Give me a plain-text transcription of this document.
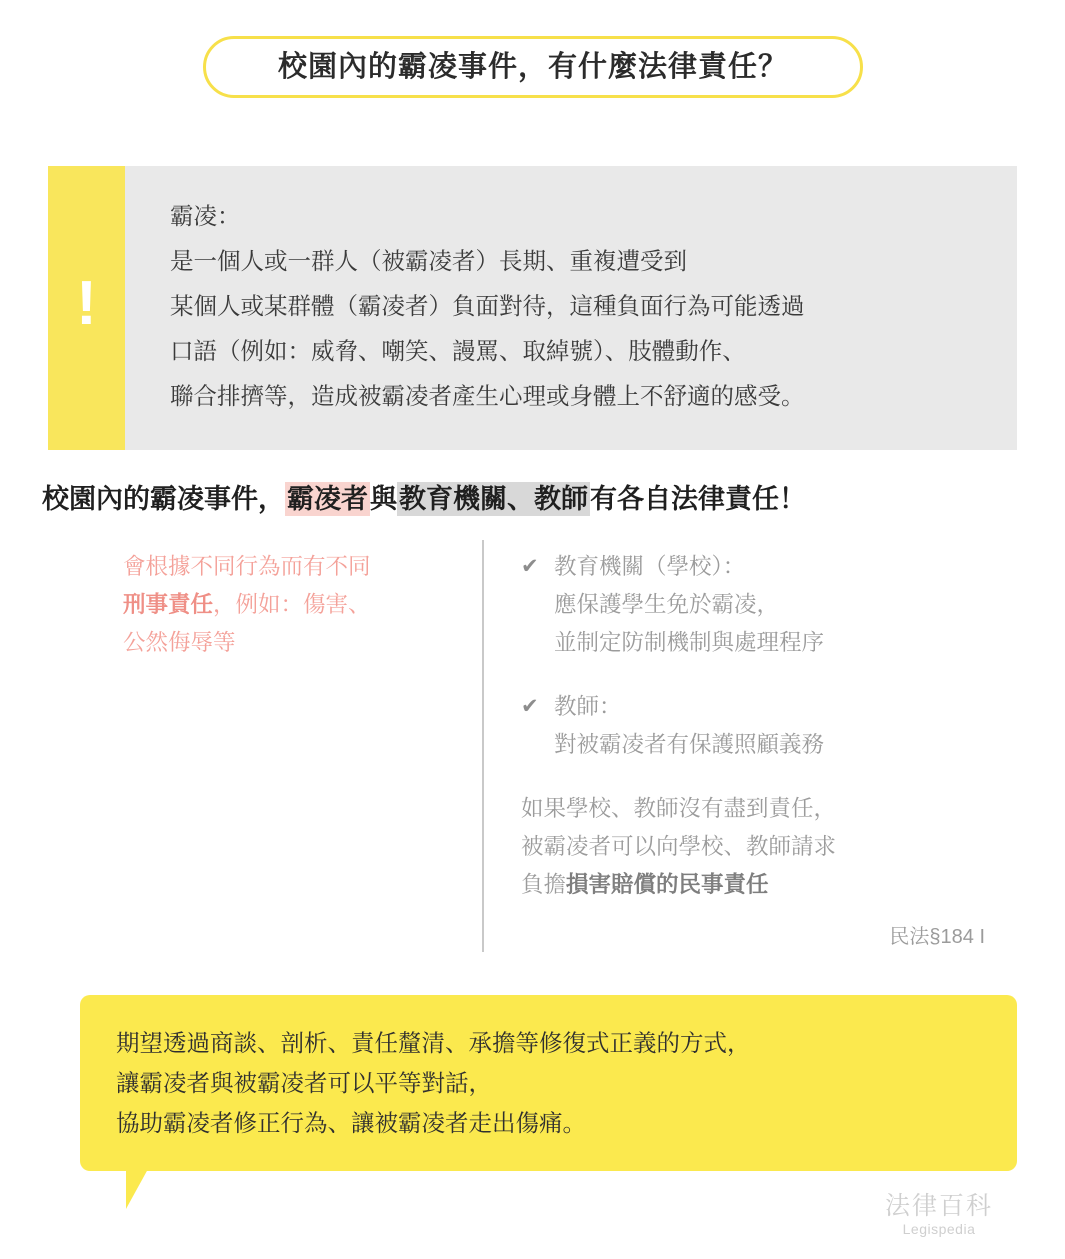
校園內的霸凌事件，有什麼法律責任？
!
霸凌：
是一個人或一群人（被霸凌者）長期、重複遭受到
某個人或某群體（霸凌者）負面對待，這種負面行為可能透過
口語（例如：威脅、嘲笑、謾罵、取綽號）、肢體動作、
聯合排擠等，造成被霸凌者產生心理或身體上不舒適的感受。
校園內的霸凌事件，霸凌者與教育機關、教師有各自法律責任！
會根據不同行為而有不同
刑事責任，例如：傷害、
公然侮辱等
✔ 教育機關（學校）：
應保護學生免於霸凌，
並制定防制機制與處理程序
✔ 教師：
對被霸凌者有保護照顧義務
如果學校、教師沒有盡到責任，
被霸凌者可以向學校、教師請求
負擔損害賠償的民事責任
民法§184 I
期望透過商談、剖析、責任釐清、承擔等修復式正義的方式，
讓霸凌者與被霸凌者可以平等對話，
協助霸凌者修正行為、讓被霸凌者走出傷痛。
法律百科
Legispedia
